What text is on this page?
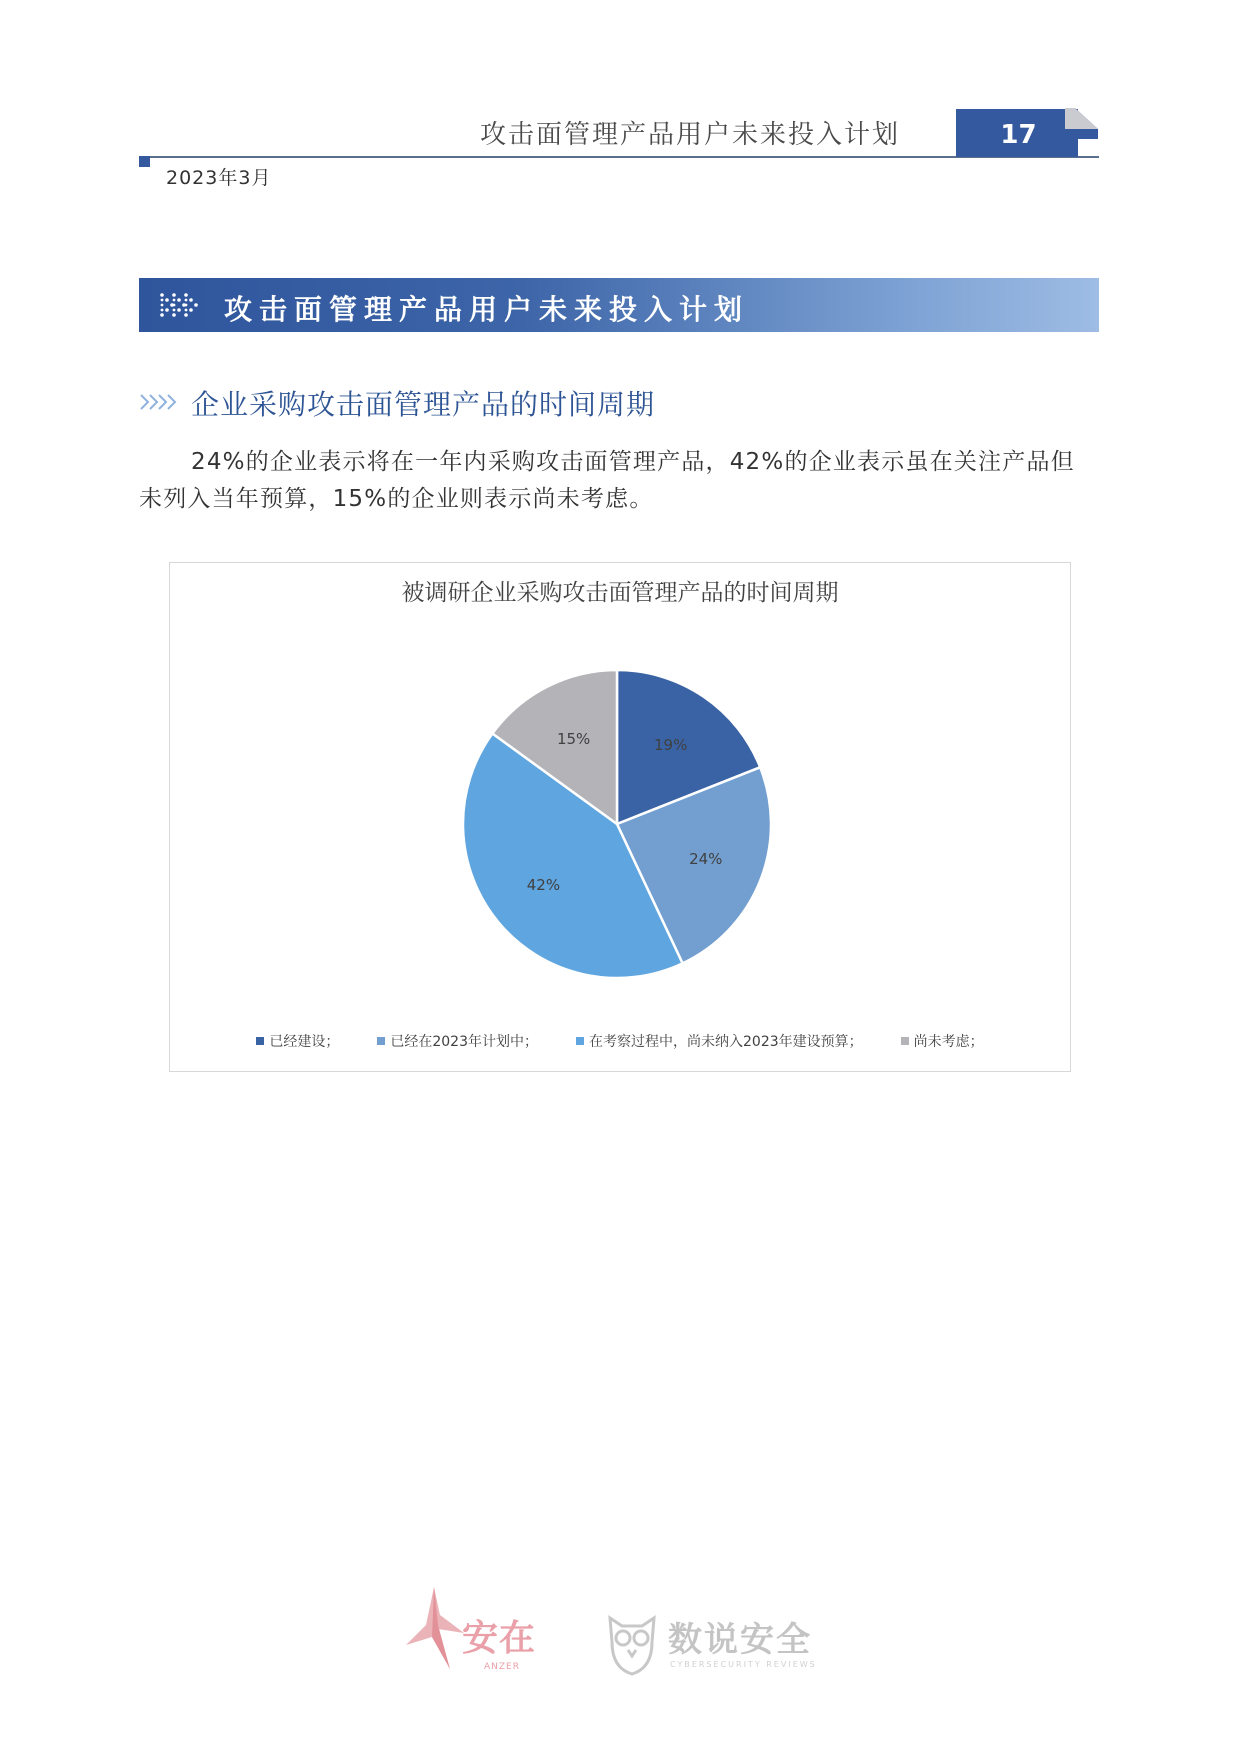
攻击面管理产品用户未来投入计划	17
2023年3月
攻击面管理产品用户未来投入计划
企业采购攻击面管理产品的时间周期
24%的企业表示将在一年内采购攻击面管理产品，42%的企业表示虽在关注产品但未列入当年预算，15%的企业则表示尚未考虑。
被调研企业采购攻击面管理产品的时间周期
19%
24%
42%
15%
已经建设；	已经在2023年计划中；	在考察过程中，尚未纳入2023年建设预算；	尚未考虑；
安在
ANZER
数说安全
CYBERSECURITY REVIEWS
